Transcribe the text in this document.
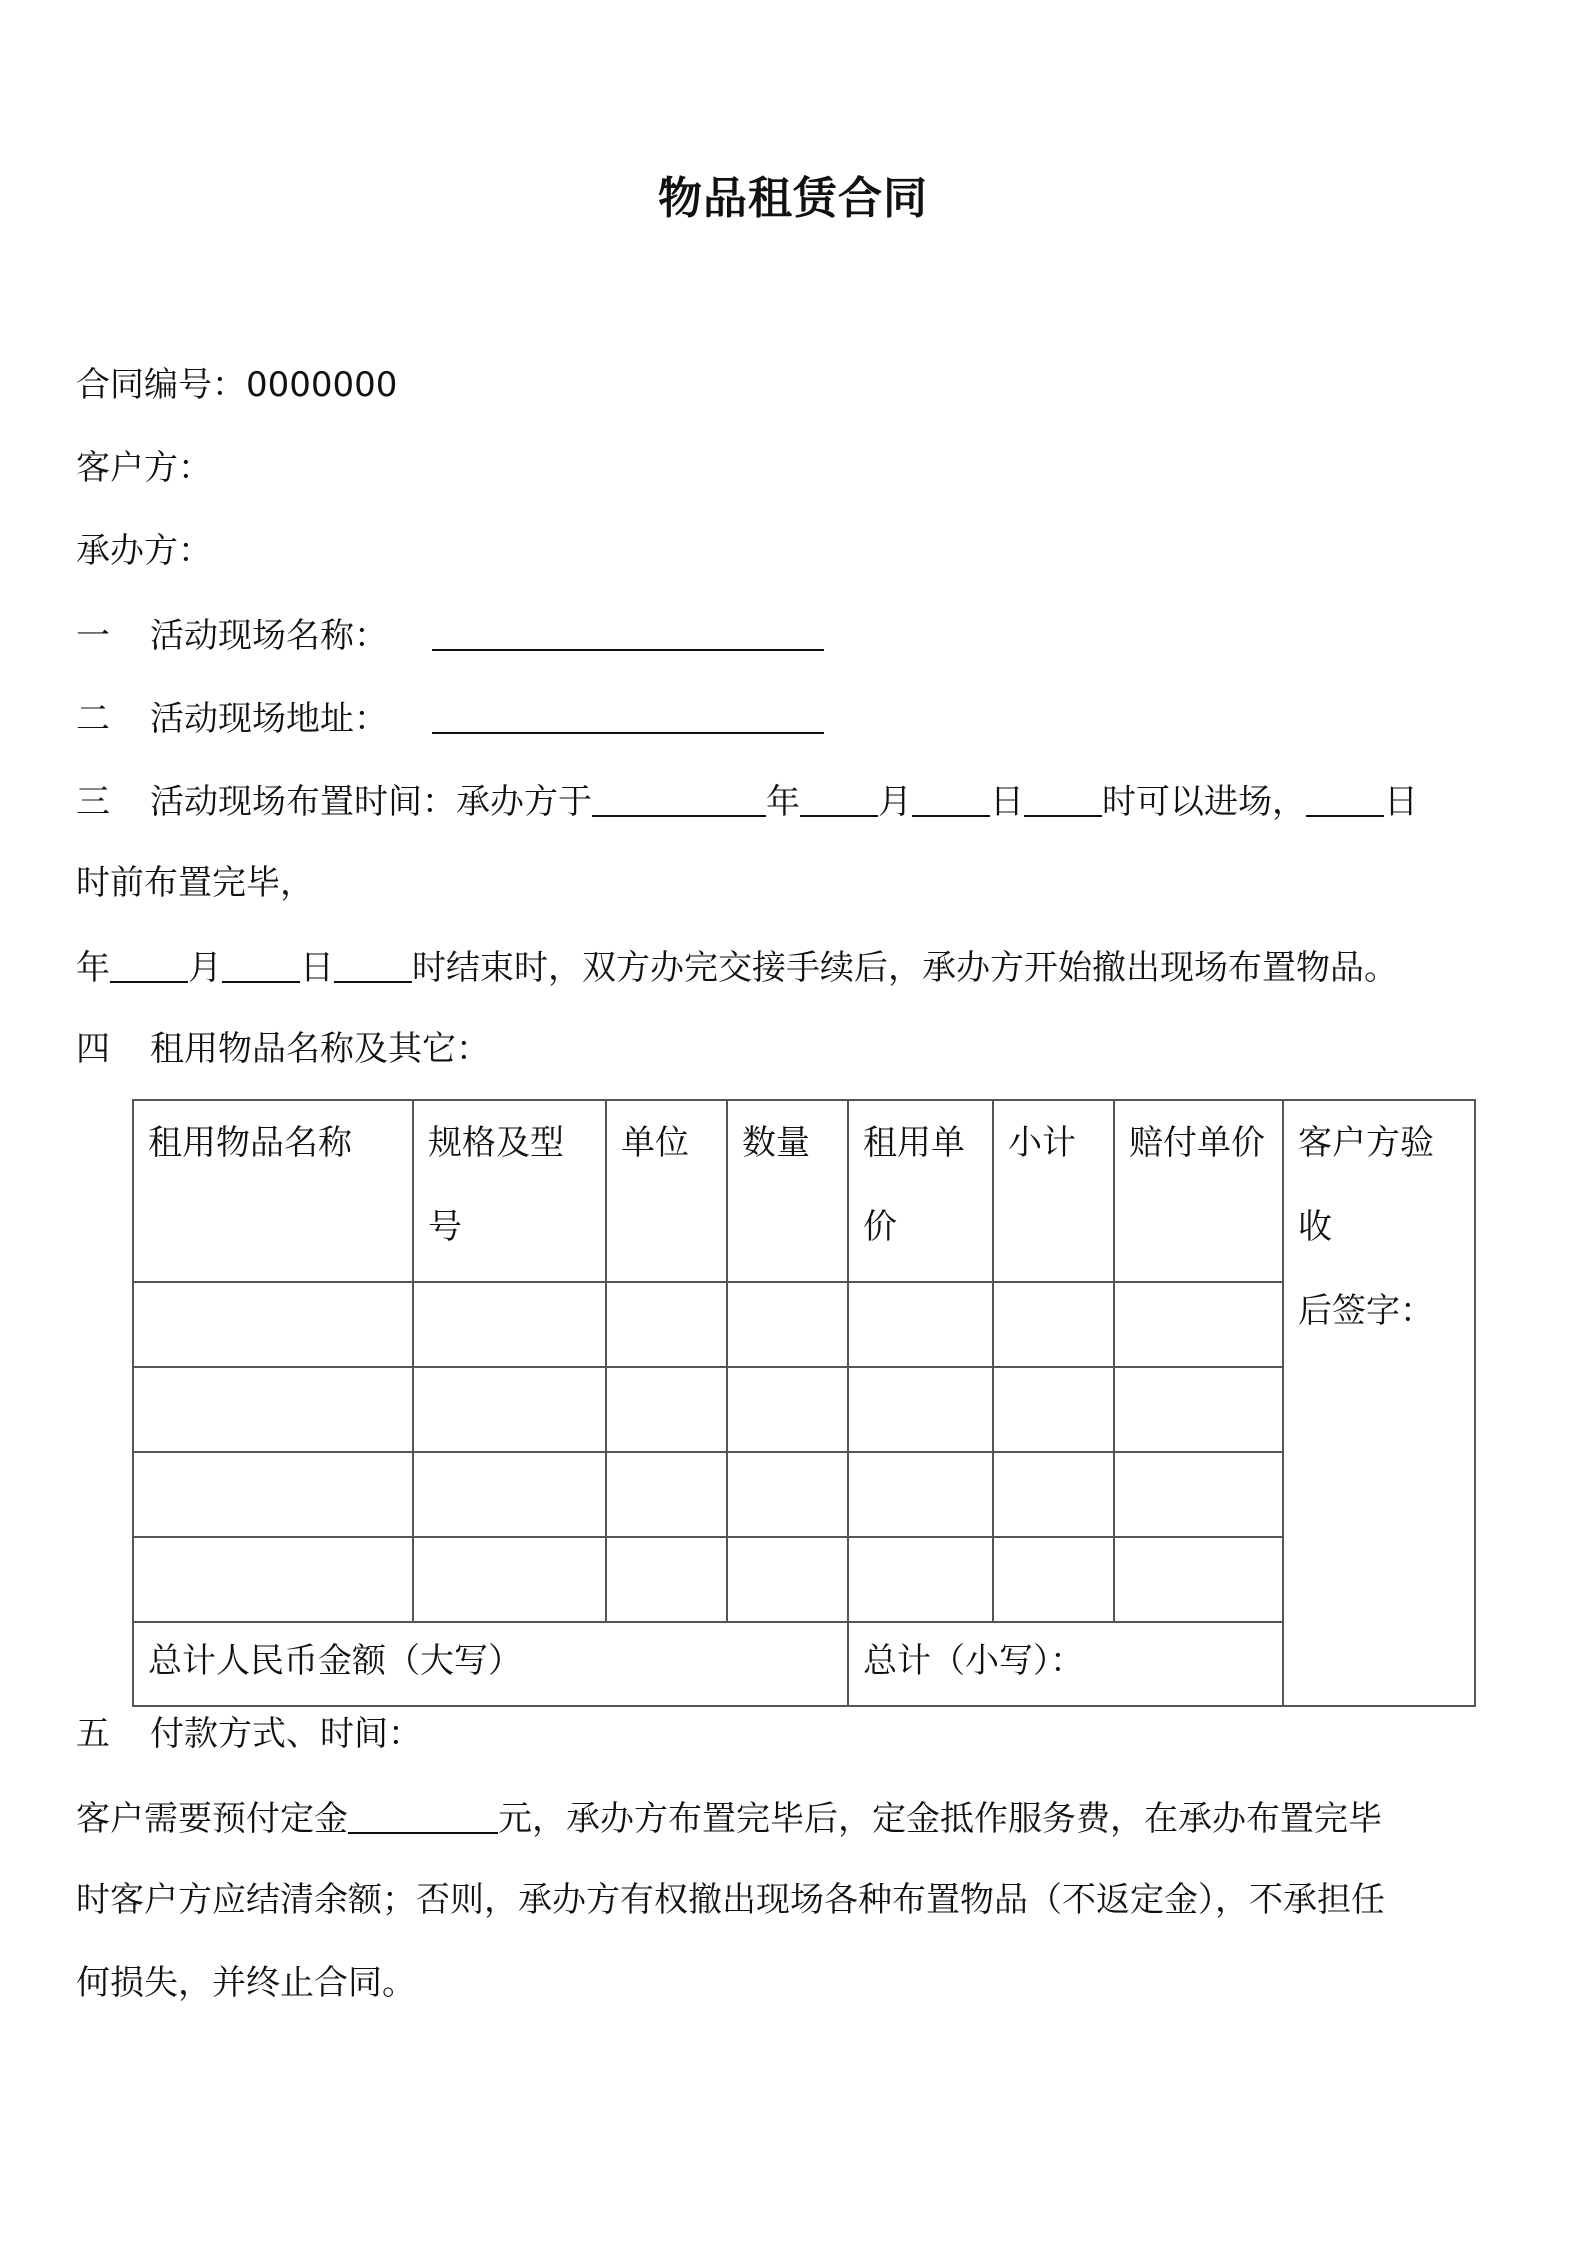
物品租赁合同
合同编号：0000000
客户方：
承办方：
一 活动现场名称：
二 活动现场地址：
三 活动现场布置时间：承办方于	年 月 日 时可以进场， 日
时前布置完毕，
年 月 日 时结束时，双方办完交接手续后，承办方开始撤出现场布置物品。
四 租用物品名称及其它：
租用物品名称	规格及型号	单位	数量	租用单价	小计	赔付单价	客户方验收
后签字：

总计人民币金额（大写）				总计（小写）：			
五 付款方式、时间：
客户需要预付定金	元，承办方布置完毕后，定金抵作服务费，在承办布置完毕
时客户方应结清余额；否则，承办方有权撤出现场各种布置物品（不返定金），不承担任
何损失，并终止合同。
